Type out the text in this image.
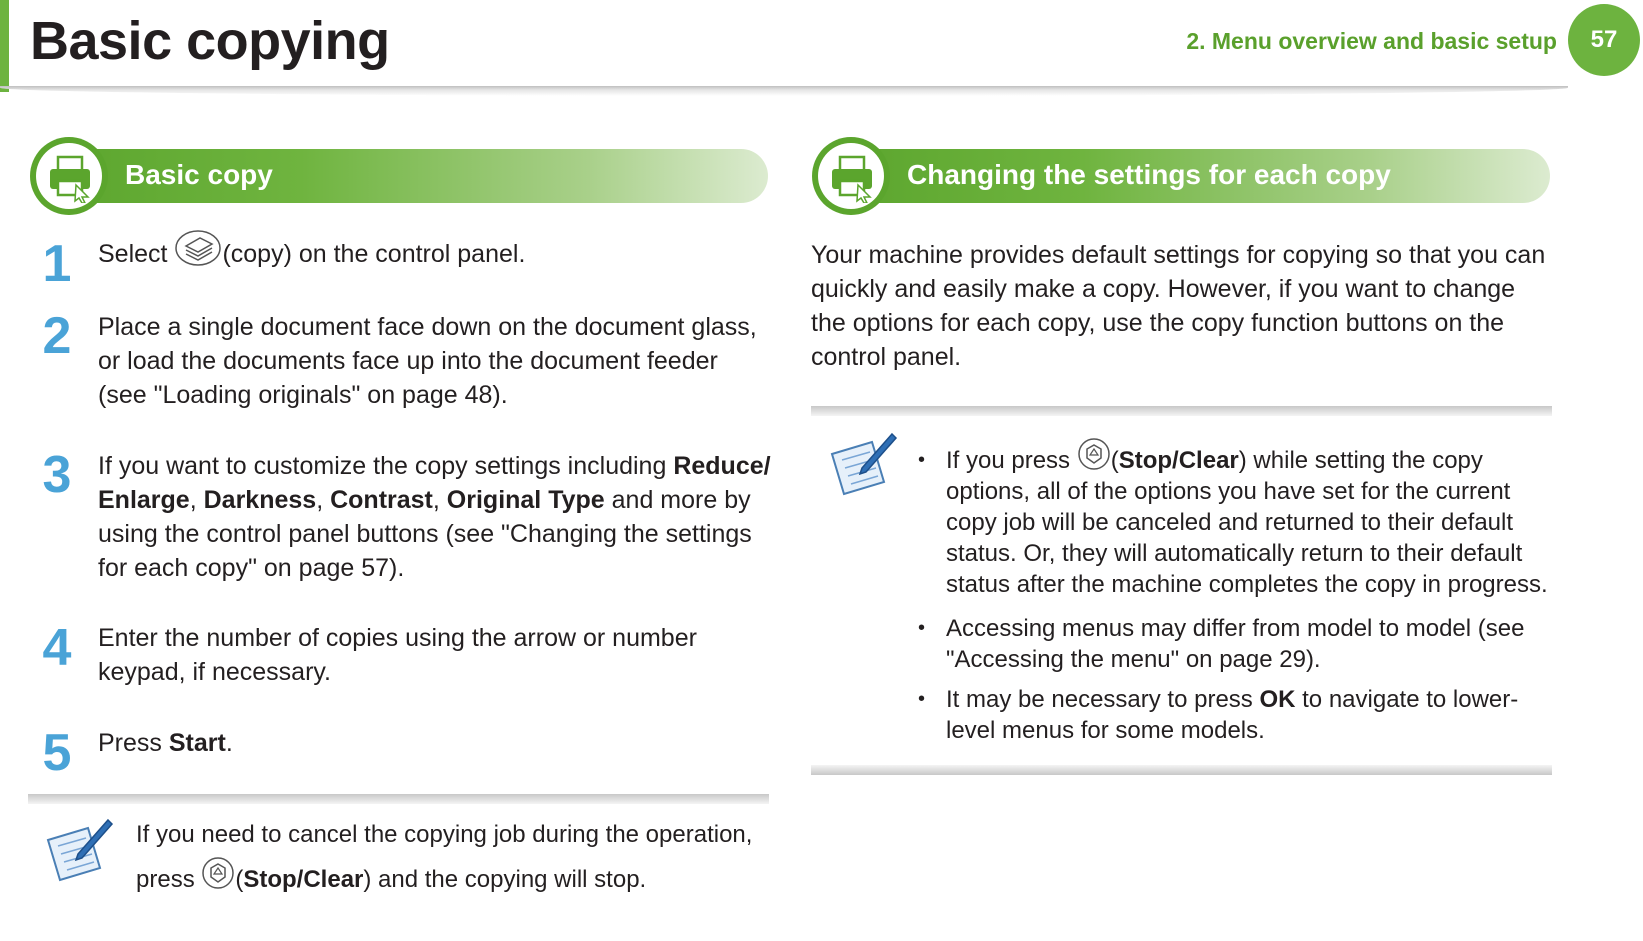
Basic copying	2. Menu overview and basic setup 57
Basic copy
1	Select (copy) on the control panel.
2	Place a single document face down on the document glass, or load the documents face up into the document feeder (see "Loading originals" on page 48).
3	If you want to customize the copy settings including Reduce/​Enlarge, Darkness, Contrast, Original Type and more by using the control panel buttons (see "Changing the settings for each copy" on page 57).
4	Enter the number of copies using the arrow or number keypad, if necessary.
5	Press Start.
If you need to cancel the copying job during the operation,
press (Stop/Clear) and the copying will stop.
Changing the settings for each copy
Your machine provides default settings for copying so that you can quickly and easily make a copy. However, if you want to change the options for each copy, use the copy function buttons on the control panel.
• If you press (Stop/Clear) while setting the copy options, all of the options you have set for the current copy job will be canceled and returned to their default status. Or, they will automatically return to their default status after the machine completes the copy in progress.
• Accessing menus may differ from model to model (see "Accessing the menu" on page 29).
• It may be necessary to press OK to navigate to lower-level menus for some models.
